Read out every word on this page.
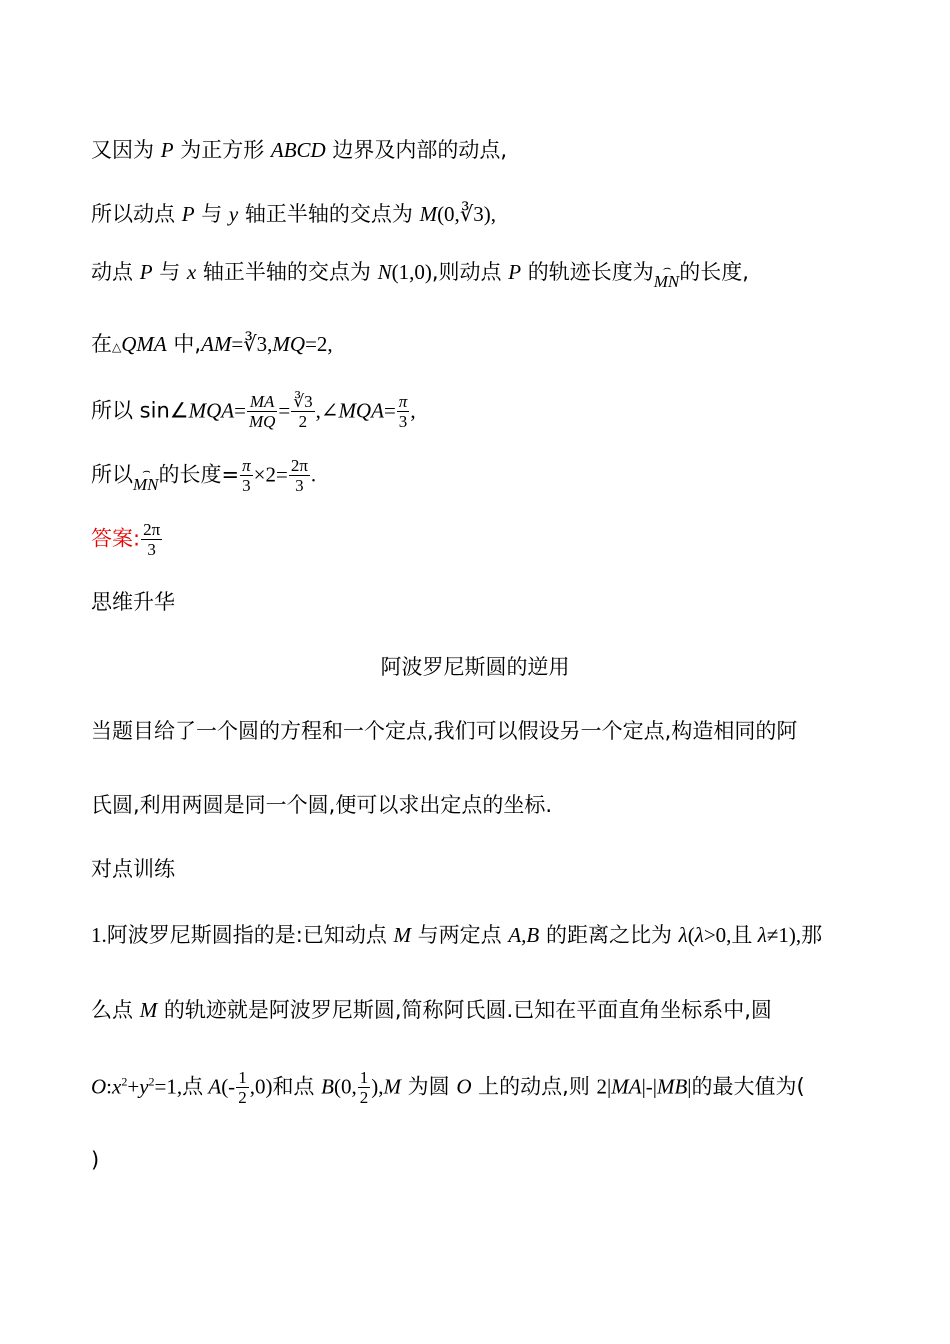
又因为 P 为正方形 ABCD 边界及内部的动点,
所以动点 P 与 y 轴正半轴的交点为 M(0,∛3),
动点 P 与 x 轴正半轴的交点为 N(1,0),则动点 P 的轨迹长度为 ⌢
MN的长度,
在△QMA 中,AM=∛3,MQ=2,
所以 sin∠MQA= $\frac{MA}{MQ} = \frac{∛3}{2}$ ,∠MQA= $\frac{\pi}{3}$ ,
所以 ⌢
MN的长度= $\frac{\pi}{3} \times 2= \frac{2\pi}{3}$ .
答案: $\frac{2\pi}{3}$
思维升华
阿波罗尼斯圆的逆用
当题目给了一个圆的方程和一个定点,我们可以假设另一个定点,构造相同的阿
氏圆,利用两圆是同一个圆,便可以求出定点的坐标.
对点训练
1.阿波罗尼斯圆指的是:已知动点 M 与两定点 A,B 的距离之比为 λ(λ>0,且 λ≠1),那
么点 M 的轨迹就是阿波罗尼斯圆,简称阿氏圆.已知在平面直角坐标系中,圆
$O:x^2+y^2=1$,点 $A(- \frac{1}{2} ,0)$和点 B(0, $\frac{1}{2} ),M$ 为圆 O 上的动点,则 2|MA|-|MB|的最大值为(
)
